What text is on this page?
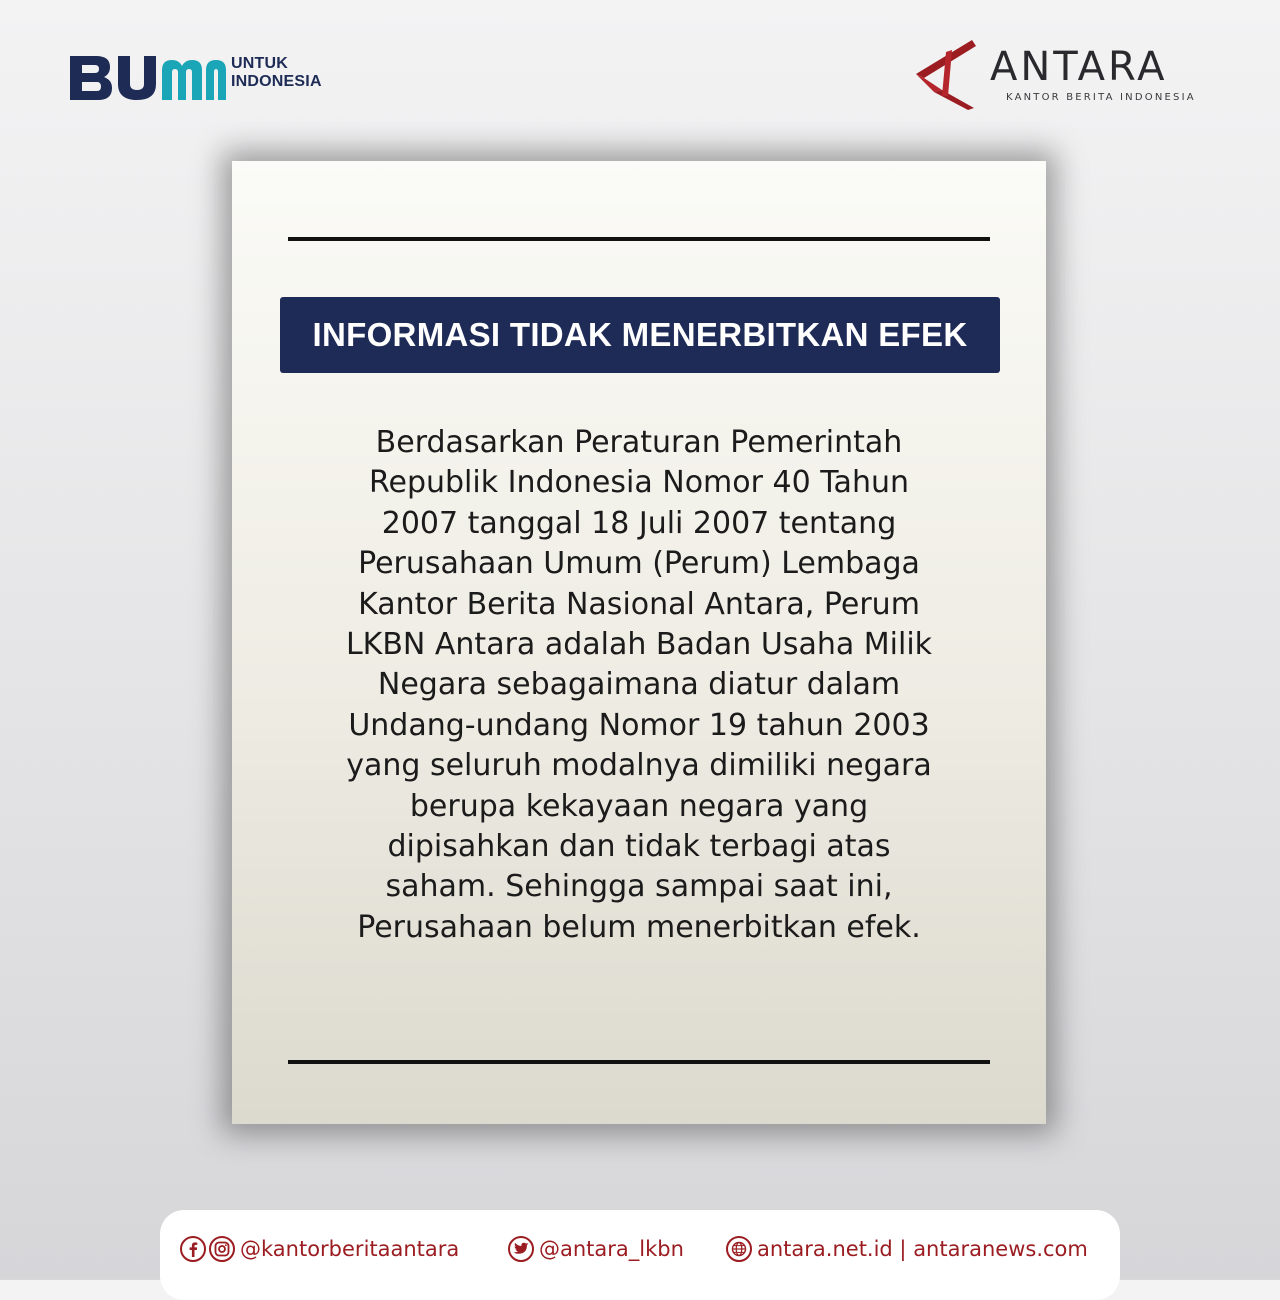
UNTUK
INDONESIA	ANTARA
KANTOR BERITA INDONESIA
INFORMASI TIDAK MENERBITKAN EFEK
Berdasarkan Peraturan Pemerintah
Republik Indonesia Nomor 40 Tahun
2007 tanggal 18 Juli 2007 tentang
Perusahaan Umum (Perum) Lembaga
Kantor Berita Nasional Antara, Perum
LKBN Antara adalah Badan Usaha Milik
Negara sebagaimana diatur dalam
Undang-undang Nomor 19 tahun 2003
yang seluruh modalnya dimiliki negara
berupa kekayaan negara yang
dipisahkan dan tidak terbagi atas
saham. Sehingga sampai saat ini,
Perusahaan belum menerbitkan efek.
@kantorberitaantara	@antara_lkbn	antara.net.id | antaranews.com
